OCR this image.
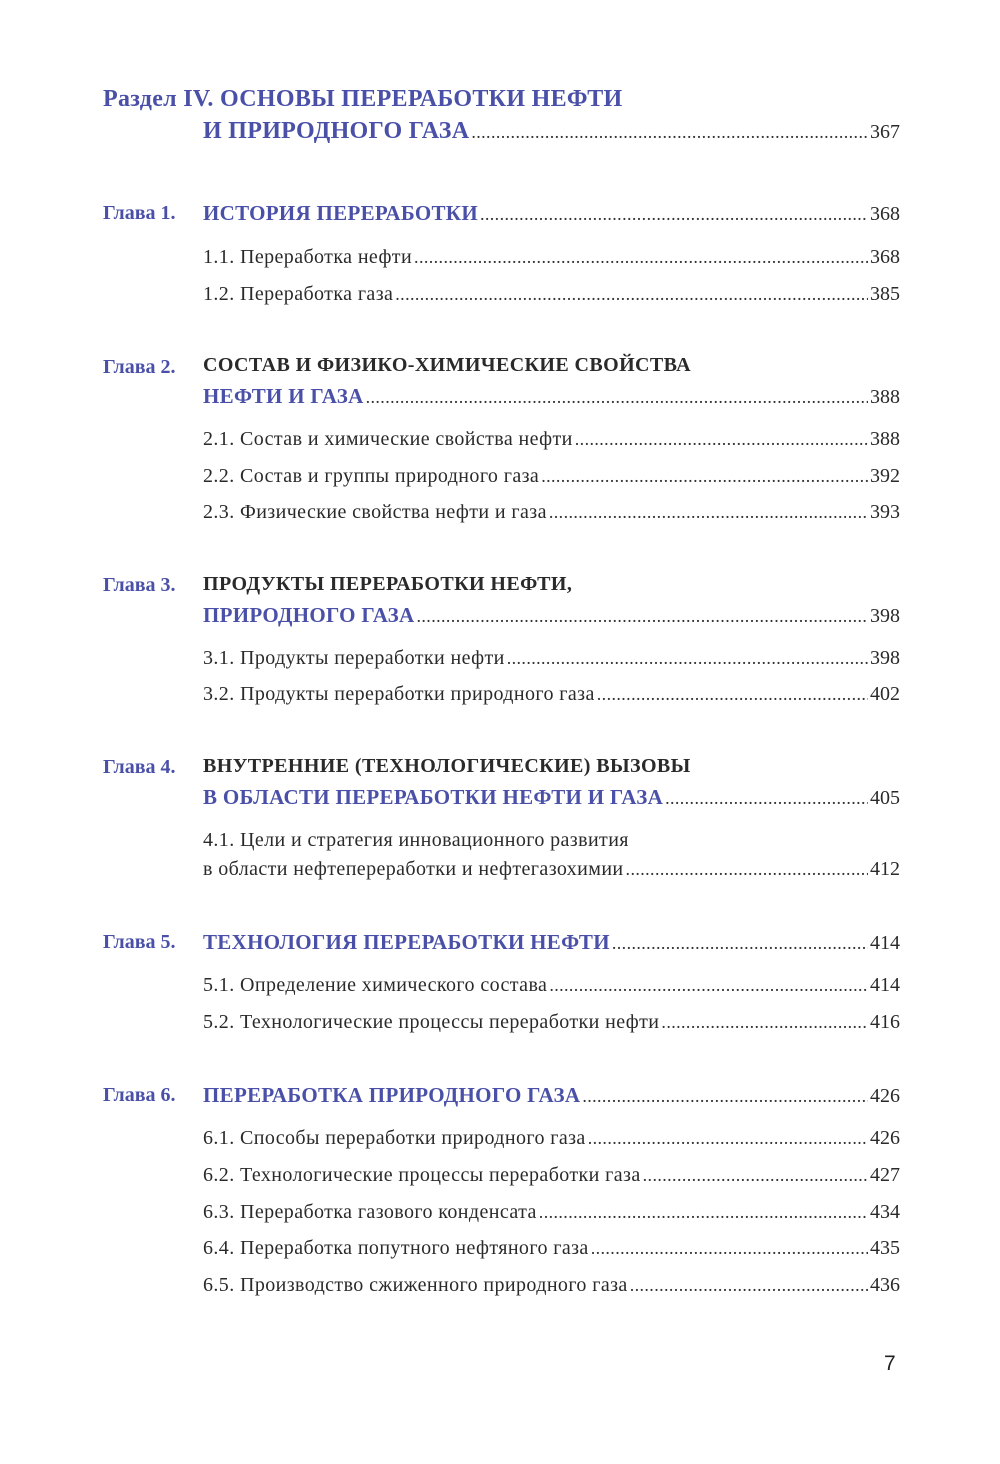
Раздел IV. ОСНОВЫ ПЕРЕРАБОТКИ НЕФТИ
И ПРИРОДНОГО ГАЗА .....	367
Глава 1. ИСТОРИЯ ПЕРЕРАБОТКИ .....	368
1.1. Переработка нефти .....	368
1.2. Переработка газа .....	385
Глава 2. СОСТАВ И ФИЗИКО-ХИМИЧЕСКИЕ СВОЙСТВА
НЕФТИ И ГАЗА .....	388
2.1. Состав и химические свойства нефти .....	388
2.2. Состав и группы природного газа .....	392
2.3. Физические свойства нефти и газа .....	393
Глава 3. ПРОДУКТЫ ПЕРЕРАБОТКИ НЕФТИ,
ПРИРОДНОГО ГАЗА .....	398
3.1. Продукты переработки нефти .....	398
3.2. Продукты переработки природного газа .....	402
Глава 4. ВНУТРЕННИЕ (ТЕХНОЛОГИЧЕСКИЕ) ВЫЗОВЫ
В ОБЛАСТИ ПЕРЕРАБОТКИ НЕФТИ И ГАЗА .....	405
4.1. Цели и стратегия инновационного развития
в области нефтепереработки и нефтегазохимии .....	412
Глава 5. ТЕХНОЛОГИЯ ПЕРЕРАБОТКИ НЕФТИ .....	414
5.1. Определение химического состава .....	414
5.2. Технологические процессы переработки нефти .....	416
Глава 6. ПЕРЕРАБОТКА ПРИРОДНОГО ГАЗА .....	426
6.1. Способы переработки природного газа .....	426
6.2. Технологические процессы переработки газа .....	427
6.3. Переработка газового конденсата .....	434
6.4. Переработка попутного нефтяного газа .....	435
6.5. Производство сжиженного природного газа .....	436
7
